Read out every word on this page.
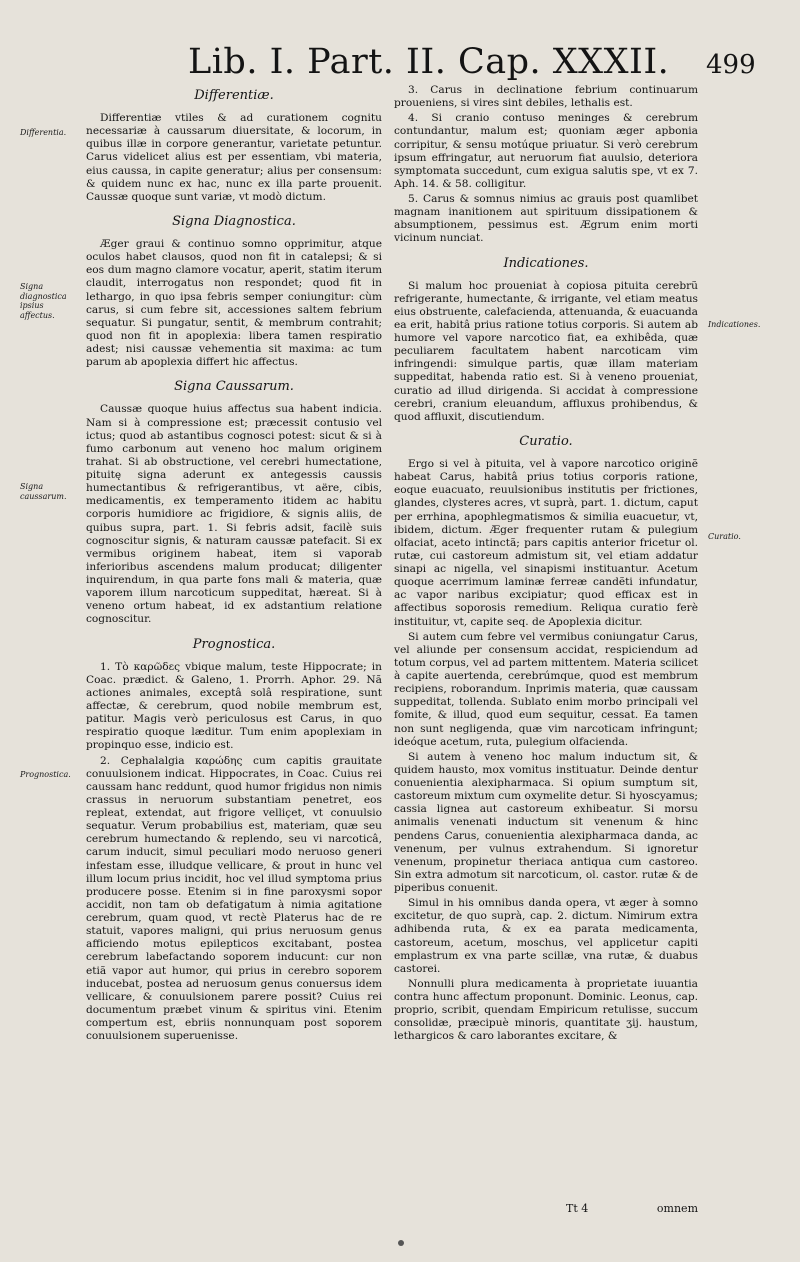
Lib. I. Part. II. Cap. XXXII. 499
Differentia.
Signa diagnostica ipsius affectus.
Signa caussarum.
Prognostica.
Indicationes.
Curatio.
Differentiæ.

Differentiæ vtiles & ad curationem cognitu necessariæ à caussarum diuersitate, & locorum, in quibus illæ in corpore generantur, varietate petuntur. Carus videlicet alius est per essentiam, vbi materia, eius caussa, in capite generatur; alius per consensum: & quidem nunc ex hac, nunc ex illa parte prouenit. Caussæ quoque sunt variæ, vt modò dictum.

Signa Diagnostica.

Æger graui & continuo somno opprimitur, atque oculos habet clausos, quod non fit in catalepsi; & si eos dum magno clamore vocatur, aperit, statim iterum claudit, interrogatus non respondet; quod fit in lethargo, in quo ipsa febris semper coniungitur: cùm carus, si cum febre sit, accessiones saltem febrium sequatur. Si pungatur, sentit, & membrum contrahit; quod non fit in apoplexia: libera tamen respiratio adest; nisi caussæ vehementia sit maxima: ac tum parum ab apoplexia differt hic affectus.

Signa Caussarum.

Caussæ quoque huius affectus sua habent indicia. Nam si à compressione est; præcessit contusio vel ictus; quod ab astantibus cognosci potest: sicut & si à fumo carbonum aut veneno hoc malum originem trahat. Si ab obstructione, vel cerebri humectatione, pituitę signa aderunt ex antegessis caussis humectantibus & refrigerantibus, vt aëre, cibis, medicamentis, ex temperamento itidem ac habitu corporis humidiore ac frigidiore, & signis aliis, de quibus supra, part. 1. Si febris adsit, facilè suis cognoscitur signis, & naturam caussæ patefacit. Si ex vermibus originem habeat, item si vaporab inferioribus ascendens malum producat; diligenter inquirendum, in qua parte fons mali & materia, quæ vaporem illum narcoticum suppeditat, hæreat. Si à veneno ortum habeat, id ex adstantium relatione cognoscitur.

Prognostica.

1. Τὸ καρῶδες vbique malum, teste Hippocrate; in Coac. prædict. & Galeno, 1. Prorrh. Aphor. 29. Nã actiones animales, exceptâ solâ respiratione, sunt affectæ, & cerebrum, quod nobile membrum est, patitur. Magis verò periculosus est Carus, in quo respiratio quoque læditur. Tum enim apoplexiam in propinquo esse, indicio est.

2. Cephalalgia καρώδης cum capitis grauitate conuulsionem indicat. Hippocrates, in Coac. Cuius rei caussam hanc reddunt, quod humor frigidus non nimis crassus in neruorum substantiam penetret, eos repleat, extendat, aut frigore velliçet, vt conuulsio sequatur. Verum probabilius est, materiam, quæ seu cerebrum humectando & replendo, seu vi narcoticâ, carum inducit, simul peculiari modo neruoso generi infestam esse, illudque vellicare, & prout in hunc vel illum locum prius incidit, hoc vel illud symptoma prius producere posse. Etenim si in fine paroxysmi sopor accidit, non tam ob defatigatum à nimia agitatione cerebrum, quam quod, vt rectè Platerus hac de re statuit, vapores maligni, qui prius neruosum genus afficiendo motus epilepticos excitabant, postea cerebrum labefactando soporem inducunt: cur non etiã vapor aut humor, qui prius in cerebro soporem inducebat, postea ad neruosum genus conuersus idem vellicare, & conuulsionem parere possit? Cuius rei documentum præbet vinum & spiritus vini. Etenim compertum est, ebriis nonnunquam post soporem conuulsionem superuenisse.

3. Carus in declinatione febrium continuarum proueniens, si vires sint debiles, lethalis est.

4. Si cranio contuso meninges & cerebrum contundantur, malum est; quoniam æger apbonia corripitur, & sensu motúque priuatur. Si verò cerebrum ipsum effringatur, aut neruorum fiat auulsio, deteriora symptomata succedunt, cum exigua salutis spe, vt ex 7. Aph. 14. & 58. colligitur.

5. Carus & somnus nimius ac grauis post quamlibet magnam inanitionem aut spirituum dissipationem & absumptionem, pessimus est. Ægrum enim morti vicinum nunciat.

Indicationes.

Si malum hoc proueniat à copiosa pituita cerebrũ refrigerante, humectante, & irrigante, vel etiam meatus eius obstruente, calefacienda, attenuanda, & euacuanda ea erit, habitâ prius ratione totius corporis. Si autem ab humore vel vapore narcotico fiat, ea exhibêda, quæ peculiarem facultatem habent narcoticam vim infringendi: simulque partis, quæ illam materiam suppeditat, habenda ratio est. Si à veneno proueniat, curatio ad illud dirigenda. Si accidat à compressione cerebri, cranium eleuandum, affluxus prohibendus, & quod affluxit, discutiendum.

Curatio.

Ergo si vel à pituita, vel à vapore narcotico originẽ habeat Carus, habitâ prius totius corporis ratione, eoque euacuato, reuulsionibus institutis per frictiones, glandes, clysteres acres, vt suprà, part. 1. dictum, caput per errhina, apophlegmatismos & similia euacuetur, vt, ibidem, dictum. Æger frequenter rutam & pulegium olfaciat, aceto intinctã; pars capitis anterior fricetur ol. rutæ, cui castoreum admistum sit, vel etiam addatur sinapi ac nigella, vel sinapismi instituantur. Acetum quoque acerrimum laminæ ferreæ candẽti infundatur, ac vapor naribus excipiatur; quod efficax est in affectibus soporosis remedium. Reliqua curatio ferè instituitur, vt, capite seq. de Apoplexia dicitur.

Si autem cum febre vel vermibus coniungatur Carus, vel aliunde per consensum accidat, respiciendum ad totum corpus, vel ad partem mittentem. Materia scilicet à capite auertenda, cerebrúmque, quod est membrum recipiens, roborandum. Inprimis materia, quæ caussam suppeditat, tollenda. Sublato enim morbo principali vel fomite, & illud, quod eum sequitur, cessat. Ea tamen non sunt negligenda, quæ vim narcoticam infringunt; ideóque acetum, ruta, pulegium olfacienda.

Si autem à veneno hoc malum inductum sit, & quidem hausto, mox vomitus instituatur. Deinde dentur conuenientia alexipharmaca. Si opium sumptum sit, castoreum mixtum cum oxymelite detur. Si hyoscyamus; cassia lignea aut castoreum exhibeatur. Si morsu animalis venenati inductum sit venenum & hinc pendens Carus, conuenientia alexipharmaca danda, ac venenum, per vulnus extrahendum. Si ignoretur venenum, propinetur theriaca antiqua cum castoreo. Sin extra admotum sit narcoticum, ol. castor. rutæ & de piperibus conuenit.

Simul in his omnibus danda opera, vt æger à somno excitetur, de quo suprà, cap. 2. dictum. Nimirum extra adhibenda ruta, & ex ea parata medicamenta, castoreum, acetum, moschus, vel applicetur capiti emplastrum ex vna parte scillæ, vna rutæ, & duabus castorei.

Nonnulli plura medicamenta à proprietate iuuantia contra hunc affectum proponunt. Dominic. Leonus, cap. proprio, scribit, quendam Empiricum retulisse, succum consolidæ, præcipuè minoris, quantitate ʒij. haustum, lethargicos & caro laborantes excitare, &

Tt 4	omnem
